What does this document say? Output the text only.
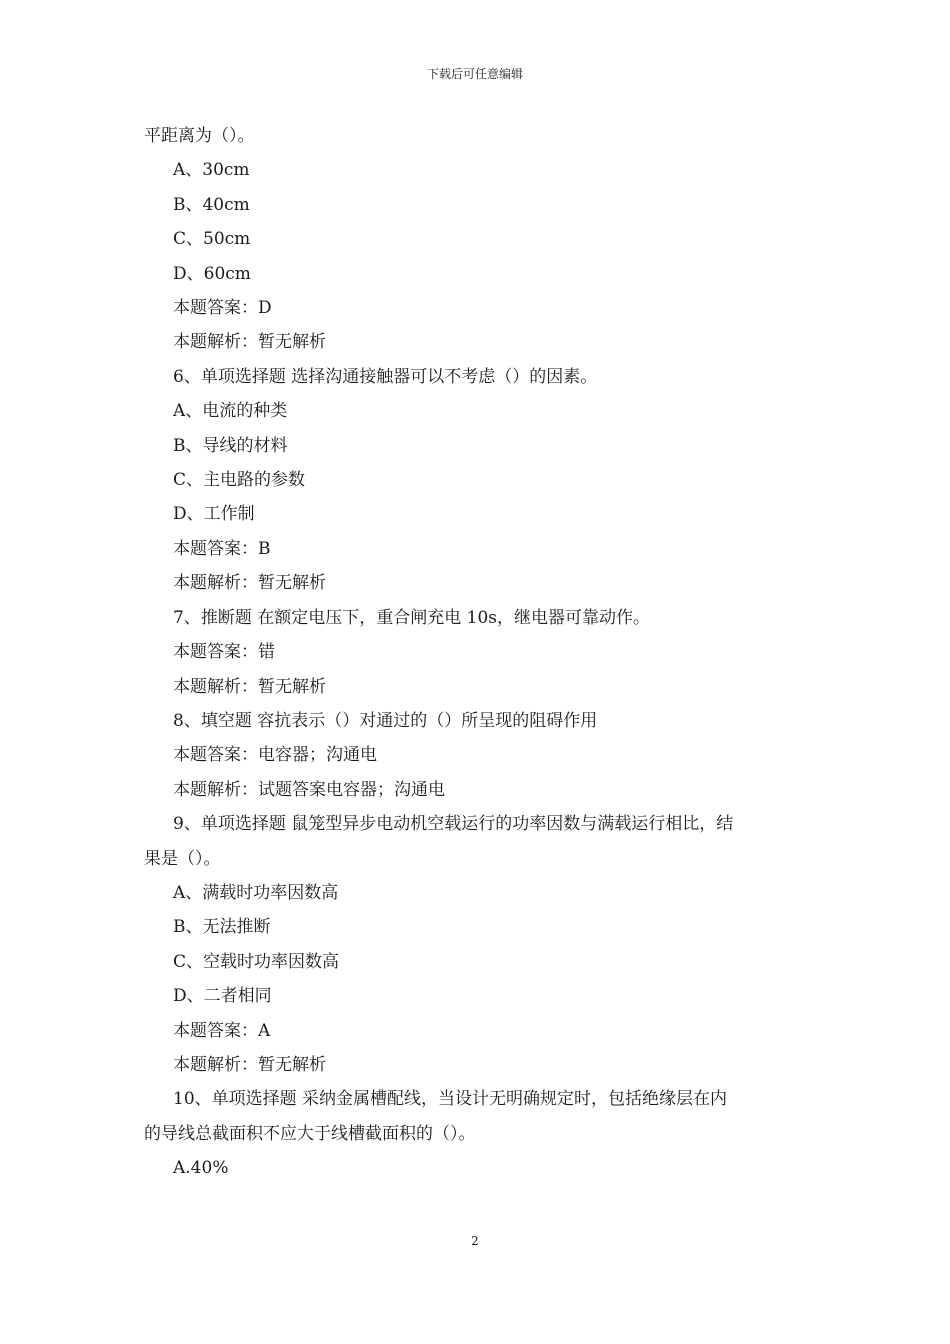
下载后可任意编辑
平距离为（）。
A、30cm
B、40cm
C、50cm
D、60cm
本题答案：D
本题解析：暂无解析
6、单项选择题 选择沟通接触器可以不考虑（）的因素。
A、电流的种类
B、导线的材料
C、主电路的参数
D、工作制
本题答案：B
本题解析：暂无解析
7、推断题 在额定电压下，重合闸充电 10s，继电器可靠动作。
本题答案：错
本题解析：暂无解析
8、填空题 容抗表示（）对通过的（）所呈现的阻碍作用
本题答案：电容器；沟通电
本题解析：试题答案电容器；沟通电
9、单项选择题 鼠笼型异步电动机空载运行的功率因数与满载运行相比，结
果是（）。
A、满载时功率因数高
B、无法推断
C、空载时功率因数高
D、二者相同
本题答案：A
本题解析：暂无解析
10、单项选择题 采纳金属槽配线，当设计无明确规定时，包括绝缘层在内
的导线总截面积不应大于线槽截面积的（）。
A.40%
2
